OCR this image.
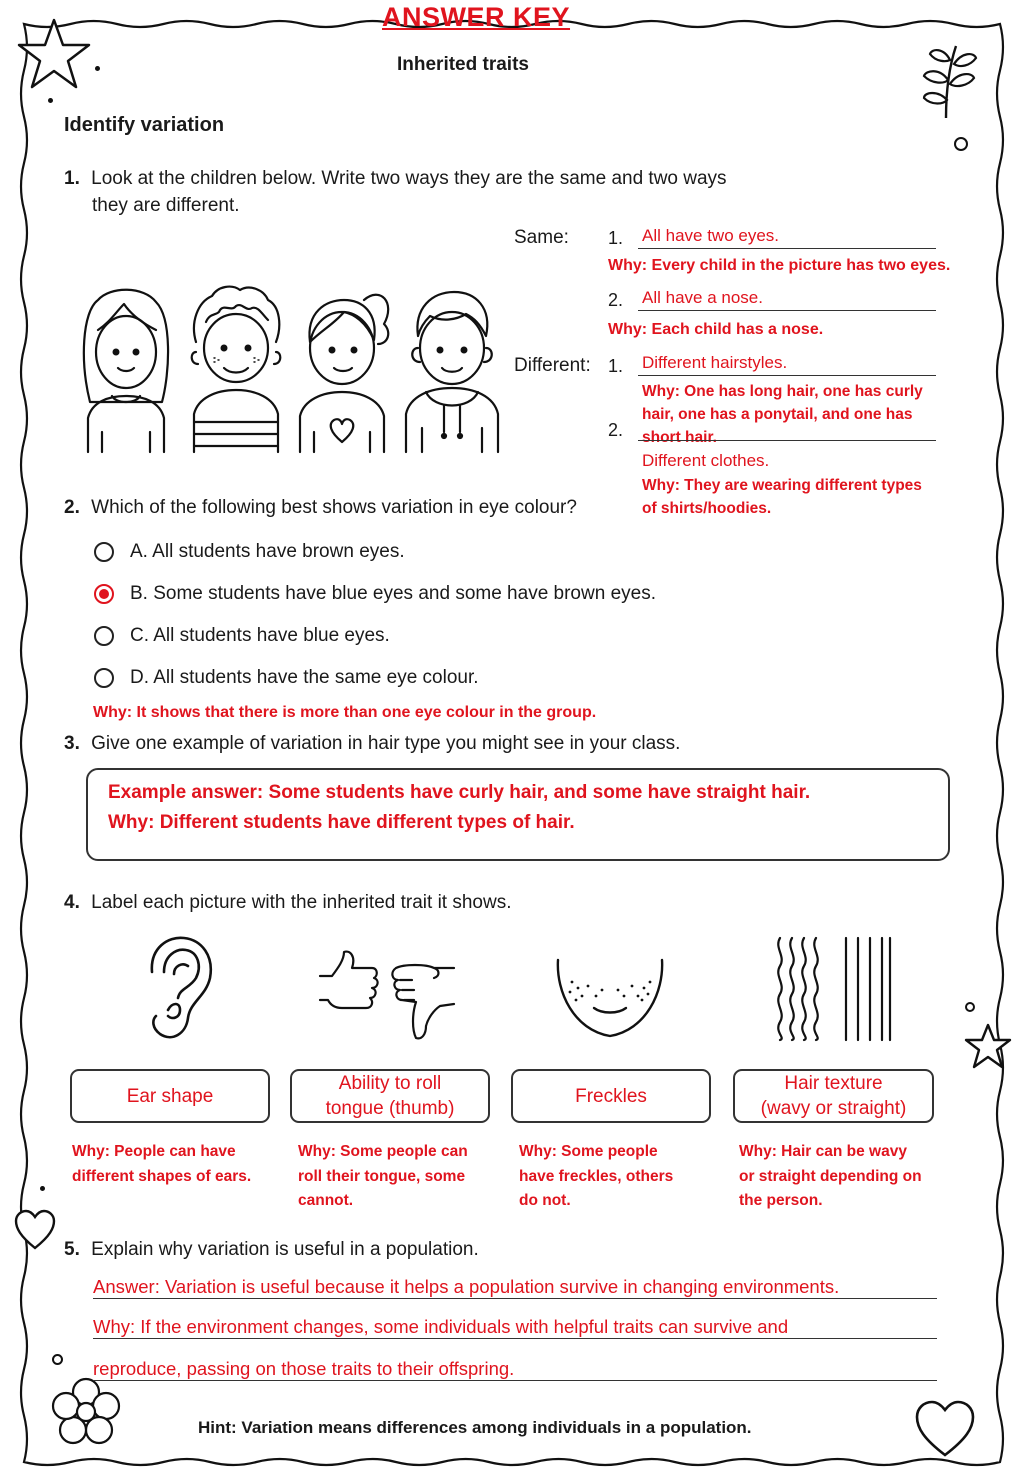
ANSWER KEY
Inherited traits
Identify variation
1. Look at the children below. Write two ways they are the same and two ways
they are different.
Same: 1. All have two eyes.
Why: Every child in the picture has two eyes.
2. All have a nose.
Why: Each child has a nose.
Different: 1. Different hairstyles.
Why: One has long hair, one has curly
hair, one has a ponytail, and one has
short hair.
2.
Different clothes.
Why: They are wearing different types
of shirts/hoodies.
2. Which of the following best shows variation in eye colour?
A. All students have brown eyes.
B. Some students have blue eyes and some have brown eyes.
C. All students have blue eyes.
D. All students have the same eye colour.
Why: It shows that there is more than one eye colour in the group.
3. Give one example of variation in hair type you might see in your class.
Example answer: Some students have curly hair, and some have straight hair.
Why: Different students have different types of hair.
4. Label each picture with the inherited trait it shows.
Ear shape
Ability to roll
tongue (thumb)
Freckles
Hair texture
(wavy or straight)
Why: People can have
different shapes of ears.
Why: Some people can
roll their tongue, some
cannot.
Why: Some people
have freckles, others
do not.
Why: Hair can be wavy
or straight depending on
the person.
5. Explain why variation is useful in a population.
Answer: Variation is useful because it helps a population survive in changing environments.
Why: If the environment changes, some individuals with helpful traits can survive and
reproduce, passing on those traits to their offspring.
Hint: Variation means differences among individuals in a population.
